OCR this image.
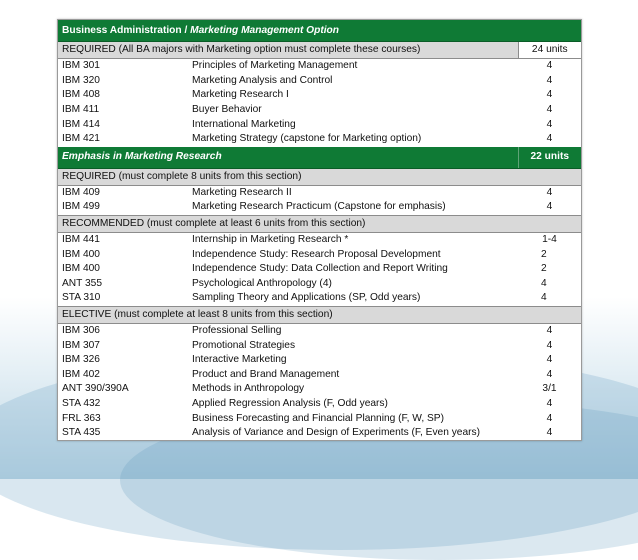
Business Administration / Marketing Management Option		
REQUIRED (All BA majors with Marketing option must complete these courses)		24 units
IBM 301	Principles of Marketing Management	4
IBM 320	Marketing Analysis and Control	4
IBM 408	Marketing Research I	4
IBM 411	Buyer Behavior	4
IBM 414	International Marketing	4
IBM 421	Marketing Strategy (capstone for Marketing option)	4
Emphasis in Marketing Research		22 units
REQUIRED (must complete 8 units from this section)		
IBM 409	Marketing Research II	4
IBM 499	Marketing Research Practicum (Capstone for emphasis)	4
RECOMMENDED (must complete at least 6 units from this section)		
IBM 441	Internship in Marketing Research *	1-4
IBM 400	Independence Study: Research Proposal Development	2
IBM 400	Independence Study: Data Collection and Report Writing	2
ANT 355	Psychological Anthropology (4)	4
STA 310	Sampling Theory and Applications (SP, Odd years)	4
ELECTIVE (must complete at least 8 units from this section)		
IBM 306	Professional Selling	4
IBM 307	Promotional Strategies	4
IBM 326	Interactive Marketing	4
IBM 402	Product and Brand Management	4
ANT 390/390A	Methods in Anthropology	3/1
STA 432	Applied Regression Analysis (F, Odd years)	4
FRL 363	Business Forecasting and Financial Planning (F, W, SP)	4
STA 435	Analysis of Variance and Design of Experiments (F, Even years)	4
